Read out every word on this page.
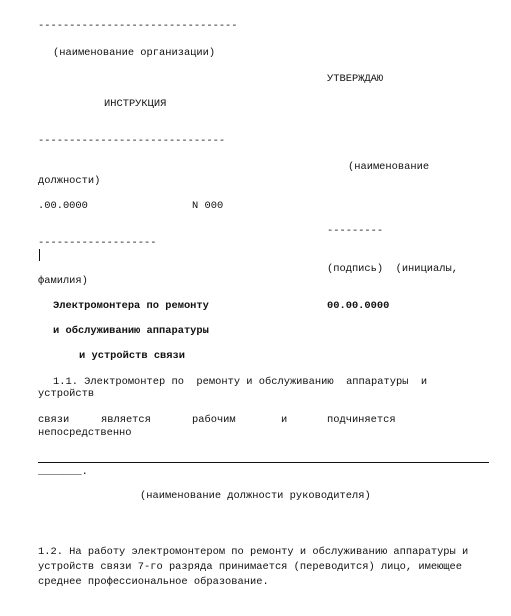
--------------------------------
(наименование организации)
УТВЕРЖДАЮ
ИНСТРУКЦИЯ
------------------------------
(наименование
должности)
.00.0000	N 000
---------
-------------------
(подпись)  (инициалы,
фамилия)
Электромонтера по ремонту	00.00.0000
и обслуживанию аппаратуры
и устройств связи
1.1. Электромонтер по  ремонту и обслуживанию  аппаратуры  и
устройств
связи	является	рабочим	и	подчиняется
непосредственно
_______.
(наименование должности руководителя)
1.2. На работу электромонтером по ремонту и обслуживанию аппаратуры и
устройств связи 7-го разряда принимается (переводится) лицо, имеющее
среднее профессиональное образование.
